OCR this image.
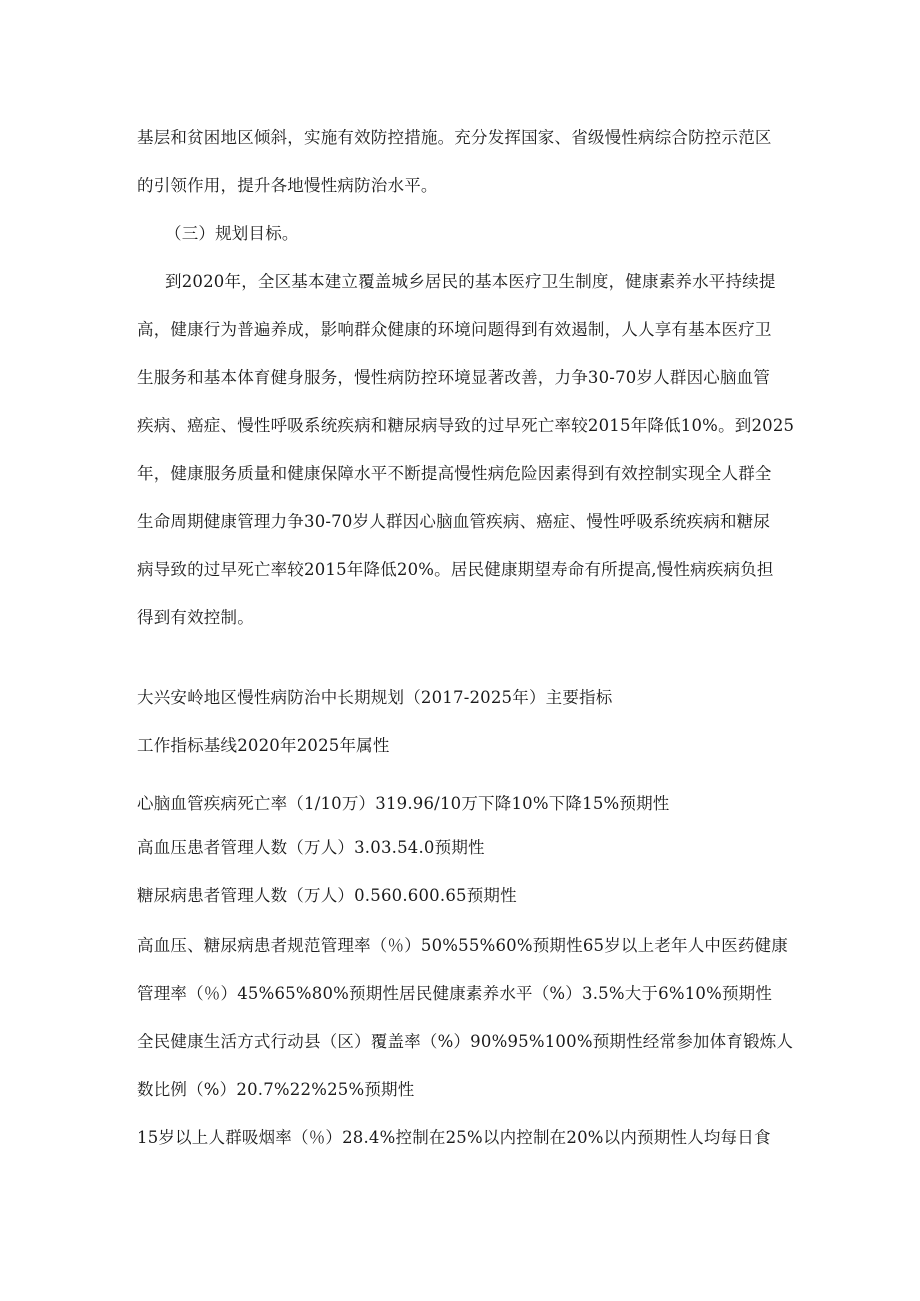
基层和贫困地区倾斜，实施有效防控措施。充分发挥国家、省级慢性病综合防控示范区

的引领作用，提升各地慢性病防治水平。

（三）规划目标。

到2020年，全区基本建立覆盖城乡居民的基本医疗卫生制度，健康素养水平持续提

高，健康行为普遍养成，影响群众健康的环境问题得到有效遏制，人人享有基本医疗卫

生服务和基本体育健身服务，慢性病防控环境显著改善，力争30-70岁人群因心脑血管

疾病、癌症、慢性呼吸系统疾病和糖尿病导致的过早死亡率较2015年降低10%。到2025

年，健康服务质量和健康保障水平不断提高慢性病危险因素得到有效控制实现全人群全

生命周期健康管理力争30-70岁人群因心脑血管疾病、癌症、慢性呼吸系统疾病和糖尿

病导致的过早死亡率较2015年降低20%。居民健康期望寿命有所提高,慢性病疾病负担

得到有效控制。

大兴安岭地区慢性病防治中长期规划（2017-2025年）主要指标

工作指标基线2020年2025年属性

心脑血管疾病死亡率（1/10万）319.96/10万下降10%下降15%预期性

高血压患者管理人数（万人）3.03.54.0预期性

糖尿病患者管理人数（万人）0.560.600.65预期性

高血压、糖尿病患者规范管理率（％）50%55%60%预期性65岁以上老年人中医药健康

管理率（％）45%65%80%预期性居民健康素养水平（%）3.5%大于6%10%预期性

全民健康生活方式行动县（区）覆盖率（%）90%95%100%预期性经常参加体育锻炼人

数比例（%）20.7%22%25%预期性

15岁以上人群吸烟率（％）28.4%控制在25%以内控制在20%以内预期性人均每日食
